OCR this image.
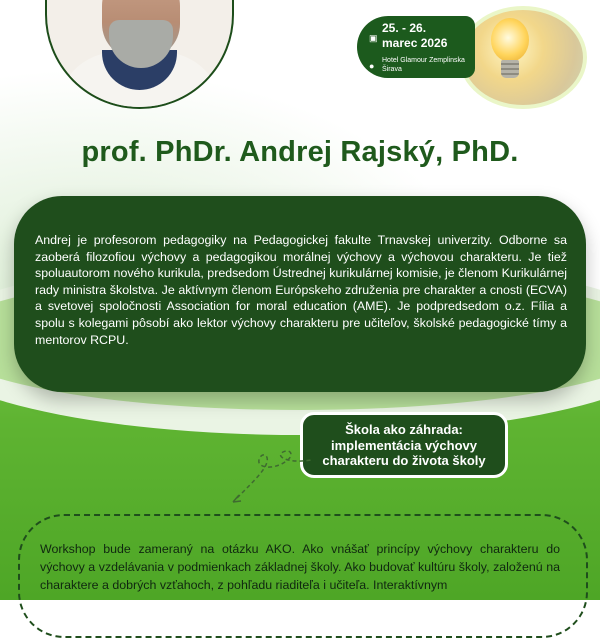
▣
25. - 26.
marec 2026
●
Hotel Glamour Zemplinska Širava
prof. PhDr. Andrej Rajský, PhD.
Andrej je profesorom pedagogiky na Pedagogickej fakulte Trnavskej univerzity. Odborne sa zaoberá filozofiou výchovy a pedagogikou morálnej výchovy a výchovou charakteru. Je tiež spoluautorom nového kurikula, predsedom Ústrednej kurikulárnej komisie, je členom Kurikulárnej rady ministra školstva. Je aktívnym členom Európskeho združenia pre charakter a cnosti (ECVA) a svetovej spoločnosti Association for moral education (AME). Je podpredsedom o.z. Fília a spolu s kolegami pôsobí ako lektor výchovy charakteru pre učiteľov, školské pedagogické tímy a mentorov RCPU.
Škola ako záhrada: implementácia výchovy charakteru do života školy
Workshop bude zameraný na otázku AKO. Ako vnášať princípy výchovy charakteru do výchovy a vzdelávania v podmienkach základnej školy. Ako budovať kultúru školy, založenú na charaktere a dobrých vzťahoch, z pohľadu riaditeľa i učiteľa. Interaktívnym
